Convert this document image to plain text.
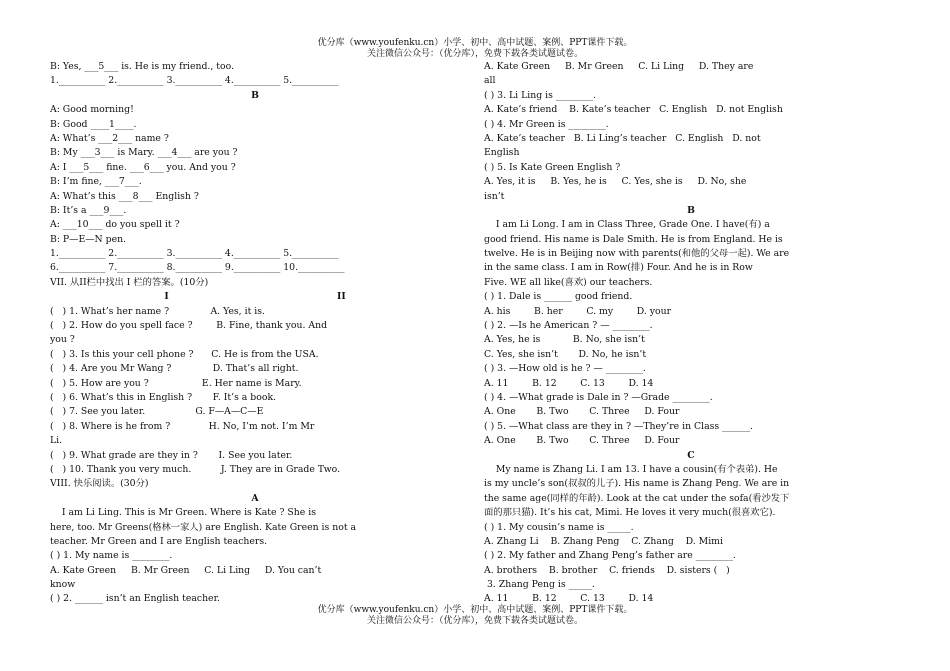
优分库（www.youfenku.cn）小学、初中、高中试题、案例、PPT课件下载。
关注微信公众号：（优分库），免费下载各类试题试卷。
B: Yes, ___5___ is. He is my friend., too.
1.__________ 2.__________ 3.__________ 4.__________ 5.__________
B
A: Good morning!
B: Good ____1____.
A: What’s ___2___ name ?
B: My ___3___ is Mary. ___4___ are you ?
A: I ___5___ fine. ___6___ you. And you ?
B: I’m fine, ___7___.
A: What’s this ___8___ English ?
B: It’s a ___9___.
A: ___10___ do you spell it ?
B: P—E—N pen.
1.__________ 2.__________ 3.__________ 4.__________ 5.__________
6.__________ 7.__________ 8.__________ 9.__________ 10.__________
VII. 从II栏中找出 I 栏的答案。(10分)
I                                                    II
(   ) 1. What’s her name ?              A. Yes, it is.
(   ) 2. How do you spell face ?        B. Fine, thank you. And
you ?
(   ) 3. Is this your cell phone ?      C. He is from the USA.
(   ) 4. Are you Mr Wang ?              D. That’s all right.
(   ) 5. How are you ?                  E. Her name is Mary.
(   ) 6. What’s this in English ?       F. It’s a book.
(   ) 7. See you later.                 G. F—A—C—E
(   ) 8. Where is he from ?             H. No, I’m not. I’m Mr
Li.
(   ) 9. What grade are they in ?       I. See you later.
(   ) 10. Thank you very much.          J. They are in Grade Two.
VIII. 快乐阅读。(30分)
A
I am Li Ling. This is Mr Green. Where is Kate ? She is
here, too. Mr Greens(格林一家人) are English. Kate Green is not a
teacher. Mr Green and I are English teachers.
( ) 1. My name is ________.
A. Kate Green     B. Mr Green     C. Li Ling     D. You can’t
know
( ) 2. ______ isn’t an English teacher.
A. Kate Green     B. Mr Green     C. Li Ling     D. They are
all
( ) 3. Li Ling is ________.
A. Kate’s friend    B. Kate’s teacher   C. English   D. not English
( ) 4. Mr Green is ________.
A. Kate’s teacher   B. Li Ling’s teacher   C. English   D. not
English
( ) 5. Is Kate Green English ?
A. Yes, it is     B. Yes, he is     C. Yes, she is     D. No, she
isn’t
B
I am Li Long. I am in Class Three, Grade One. I have(有) a
good friend. His name is Dale Smith. He is from England. He is
twelve. He is in Beijing now with parents(和他的父母一起). We are
in the same class. I am in Row(排) Four. And he is in Row
Five. WE all like(喜欢) our teachers.
( ) 1. Dale is ______ good friend.
A. his        B. her        C. my        D. your
( ) 2. —Is he American ? — ________.
A. Yes, he is           B. No, she isn’t
C. Yes, she isn’t       D. No, he isn’t
( ) 3. —How old is he ? — ________.
A. 11        B. 12        C. 13        D. 14
( ) 4. —What grade is Dale in ? —Grade ________.
A. One       B. Two       C. Three     D. Four
( ) 5. —What class are they in ? —They’re in Class ______.
A. One       B. Two       C. Three     D. Four
C
My name is Zhang Li. I am 13. I have a cousin(有个表弟). He
is my uncle’s son(叔叔的儿子). His name is Zhang Peng. We are in
the same age(同样的年龄). Look at the cat under the sofa(看沙发下
面的那只猫). It’s his cat, Mimi. He loves it very much(很喜欢它).
( ) 1. My cousin’s name is _____.
A. Zhang Li    B. Zhang Peng    C. Zhang    D. Mimi
( ) 2. My father and Zhang Peng’s father are ________.
A. brothers    B. brother    C. friends    D. sisters (   )
3. Zhang Peng is _____.
A. 11        B. 12        C. 13        D. 14
优分库（www.youfenku.cn）小学、初中、高中试题、案例、PPT课件下载。
关注微信公众号：（优分库），免费下载各类试题试卷。
